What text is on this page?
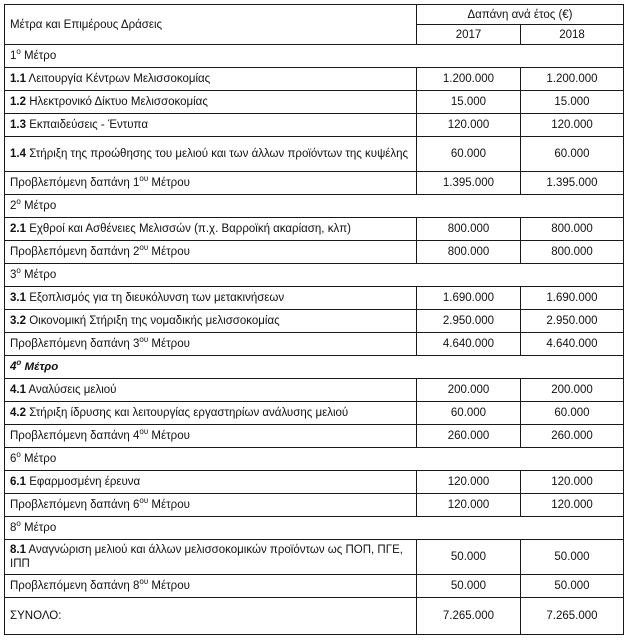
Μέτρα και Επιμέρους Δράσεις	Δαπάνη ανά έτος (€)	
	2017	2018
$1^o$ Μέτρο		
1.1 Λειτουργία Κέντρων Μελισσοκομίας	1.200.000	1.200.000
1.2 Ηλεκτρονικό Δίκτυο Μελισσοκομίας	15.000	15.000
1.3 Εκπαιδεύσεις - Έντυπα	120.000	120.000
1.4 Στήριξη της προώθησης του μελιού και των άλλων προϊόντων της κυψέλης	60.000	60.000
Προβλεπόμενη δαπάνη $1^{o\upsilon}$ Μέτρου	1.395.000	1.395.000
$2^o$ Μέτρο		
2.1 Εχθροί και Ασθένειες Μελισσών (π.χ. Βαρροϊκή ακαρίαση, κλπ)	800.000	800.000
Προβλεπόμενη δαπάνη $2^{o\upsilon}$ Μέτρου	800.000	800.000
$3^o$ Μέτρο		
3.1 Εξοπλισμός για τη διευκόλυνση των μετακινήσεων	1.690.000	1.690.000
3.2 Οικονομική Στήριξη της νομαδικής μελισσοκομίας	2.950.000	2.950.000
Προβλεπόμενη δαπάνη $3^{o\upsilon}$ Μέτρου	4.640.000	4.640.000
$4^o$ Μέτρο		
4.1 Αναλύσεις μελιού	200.000	200.000
4.2 Στήριξη ίδρυσης και λειτουργίας εργαστηρίων ανάλυσης μελιού	60.000	60.000
Προβλεπόμενη δαπάνη $4^{o\upsilon}$ Μέτρου	260.000	260.000
$6^o$ Μέτρο		
6.1 Εφαρμοσμένη έρευνα	120.000	120.000
Προβλεπόμενη δαπάνη $6^{o\upsilon}$ Μέτρου	120.000	120.000
$8^o$ Μέτρο		
8.1 Αναγνώριση μελιού και άλλων μελισσοκομικών προϊόντων ως ΠΟΠ, ΠΓΕ, ΙΠΠ	50.000	50.000
Προβλεπόμενη δαπάνη $8^{o\upsilon}$ Μέτρου	50.000	50.000
ΣΥΝΟΛΟ:	7.265.000	7.265.000
